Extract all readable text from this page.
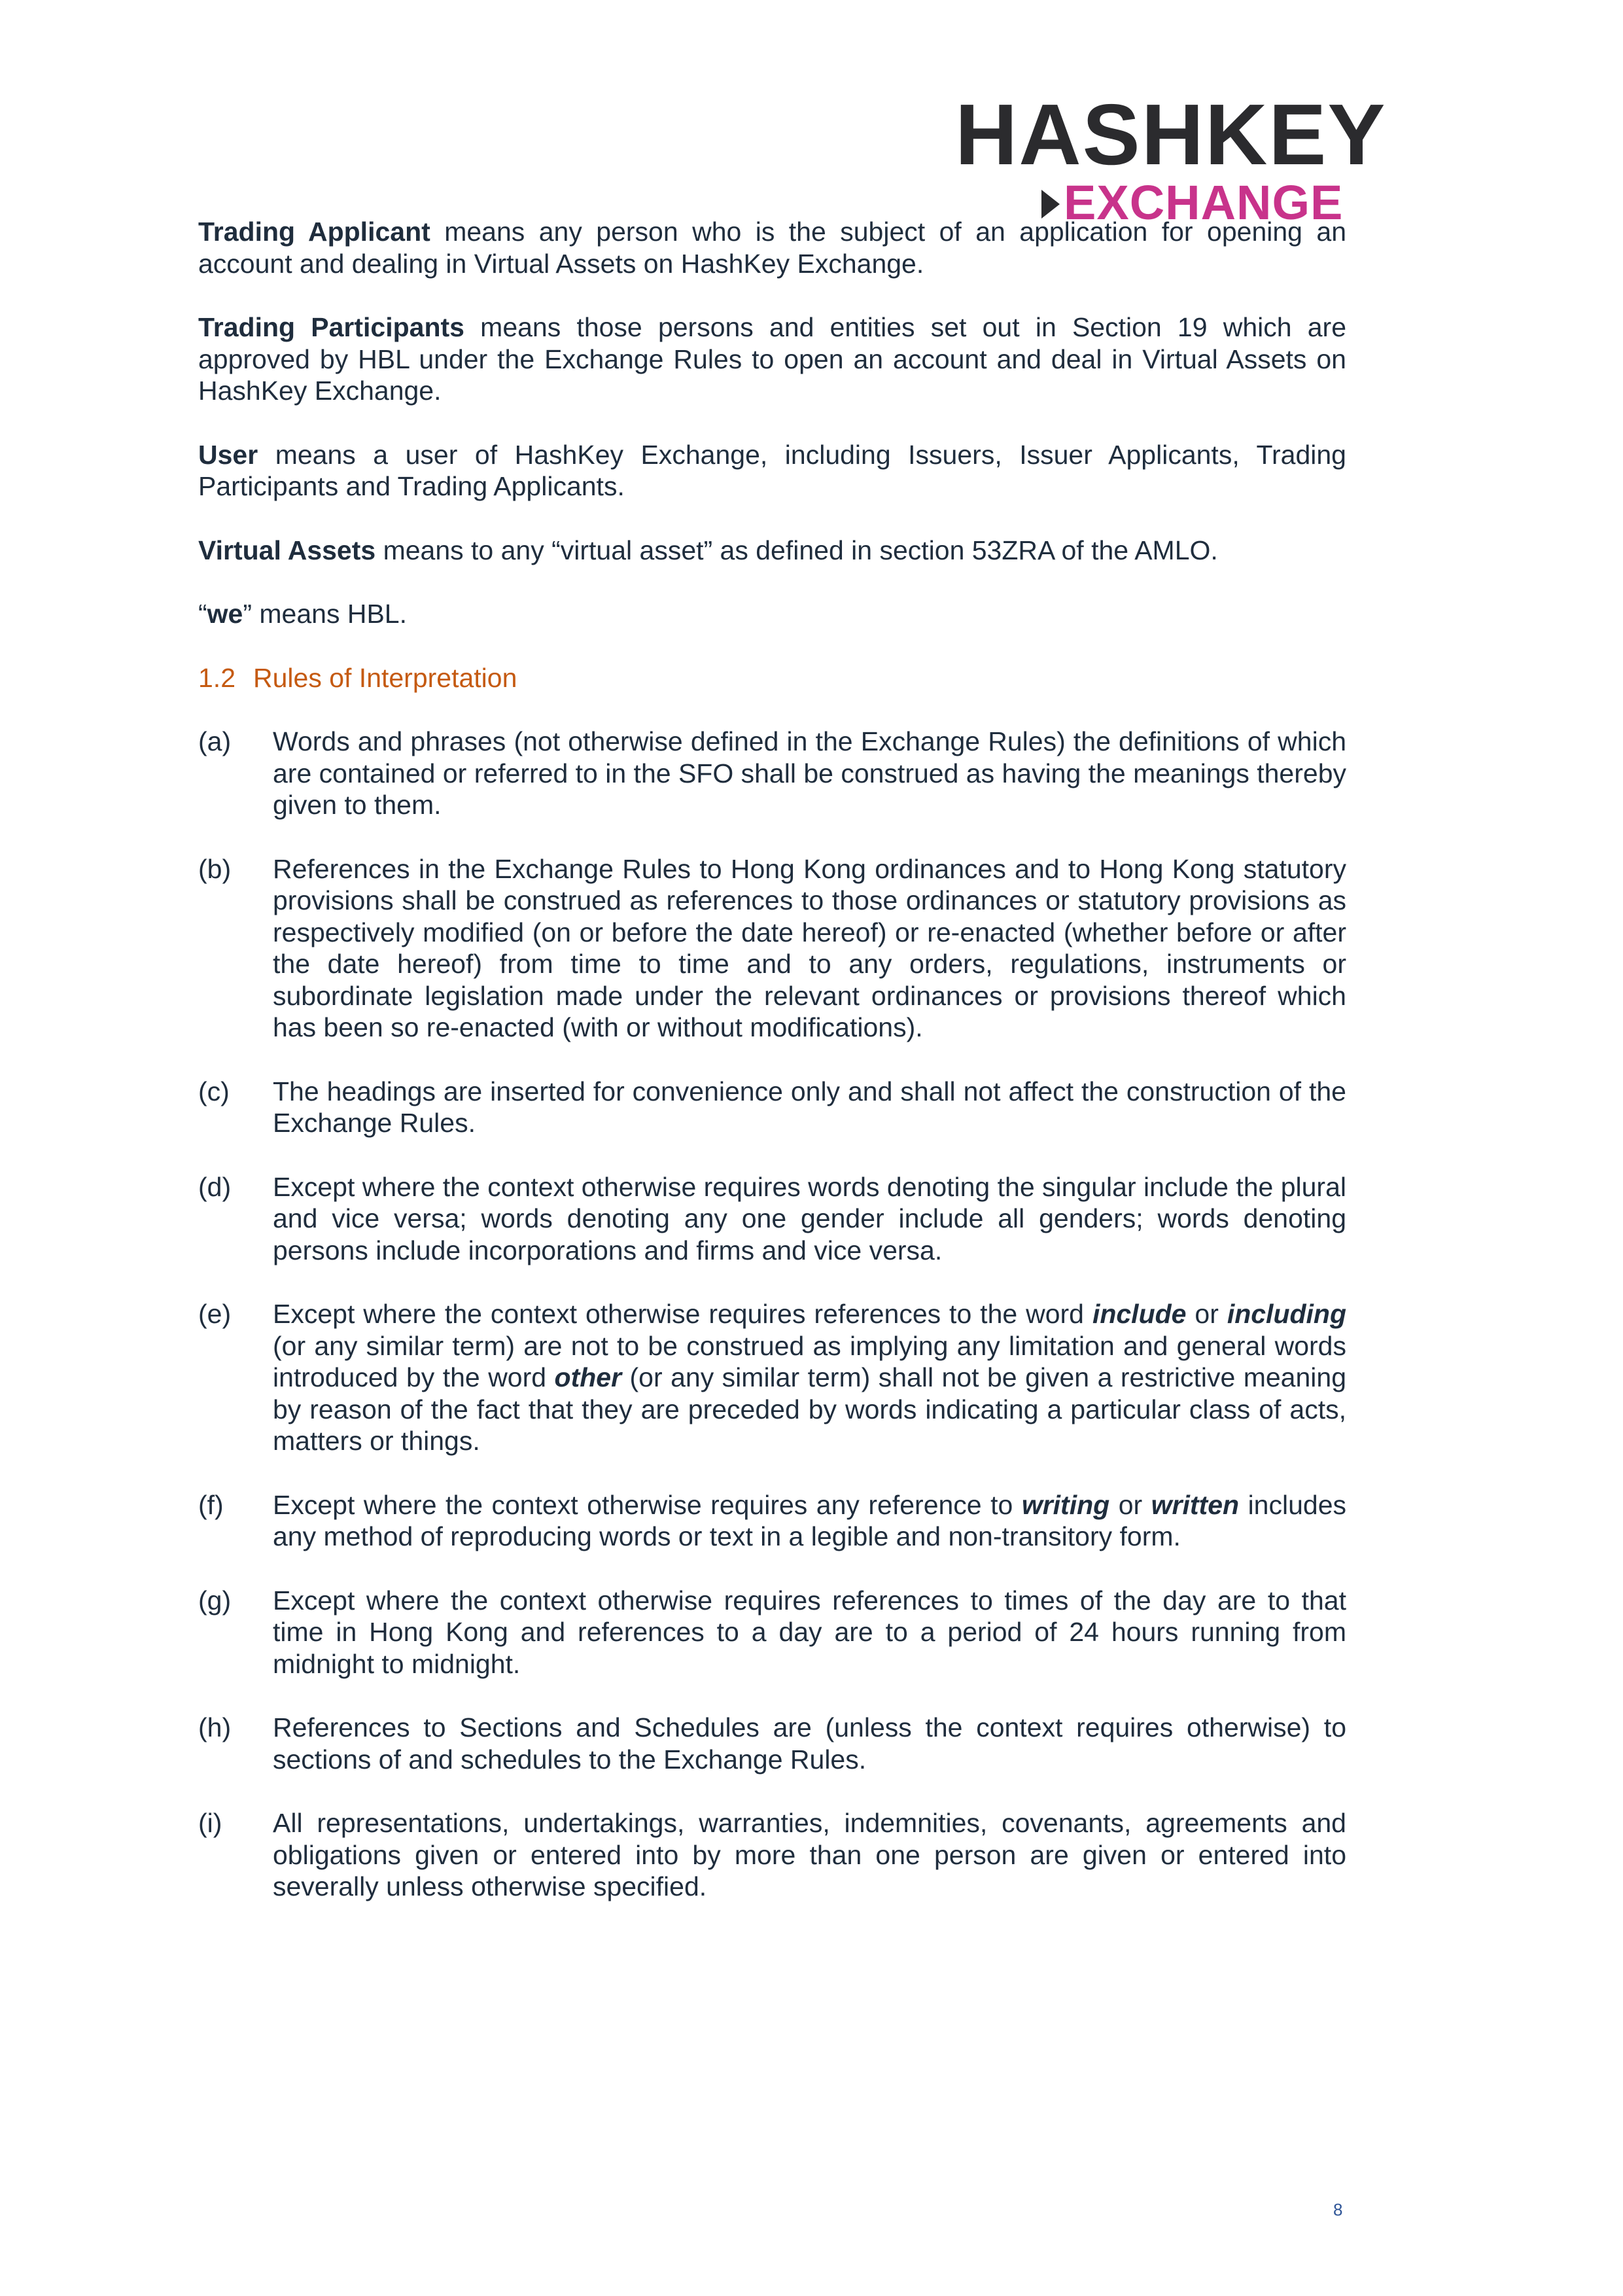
HASHKEY
EXCHANGE

Trading Applicant means any person who is the subject of an application for opening an account and dealing in Virtual Assets on HashKey Exchange.

Trading Participants means those persons and entities set out in Section 19 which are approved by HBL under the Exchange Rules to open an account and deal in Virtual Assets on HashKey Exchange.

User means a user of HashKey Exchange, including Issuers, Issuer Applicants, Trading Participants and Trading Applicants.

Virtual Assets means to any “virtual asset” as defined in section 53ZRA of the AMLO.

“we” means HBL.

1.2 Rules of Interpretation
(a) Words and phrases (not otherwise defined in the Exchange Rules) the definitions of which are contained or referred to in the SFO shall be construed as having the meanings thereby given to them.
(b) References in the Exchange Rules to Hong Kong ordinances and to Hong Kong statutory provisions shall be construed as references to those ordinances or statutory provisions as respectively modified (on or before the date hereof) or re-enacted (whether before or after the date hereof) from time to time and to any orders, regulations, instruments or subordinate legislation made under the relevant ordinances or provisions thereof which has been so re-enacted (with or without modifications).
(c) The headings are inserted for convenience only and shall not affect the construction of the Exchange Rules.
(d) Except where the context otherwise requires words denoting the singular include the plural and vice versa; words denoting any one gender include all genders; words denoting persons include incorporations and firms and vice versa.
(e) Except where the context otherwise requires references to the word include or including (or any similar term) are not to be construed as implying any limitation and general words introduced by the word other (or any similar term) shall not be given a restrictive meaning by reason of the fact that they are preceded by words indicating a particular class of acts, matters or things.
(f) Except where the context otherwise requires any reference to writing or written includes any method of reproducing words or text in a legible and non-transitory form.
(g) Except where the context otherwise requires references to times of the day are to that time in Hong Kong and references to a day are to a period of 24 hours running from midnight to midnight.
(h) References to Sections and Schedules are (unless the context requires otherwise) to sections of and schedules to the Exchange Rules.
(i) All representations, undertakings, warranties, indemnities, covenants, agreements and obligations given or entered into by more than one person are given or entered into severally unless otherwise specified.
8
